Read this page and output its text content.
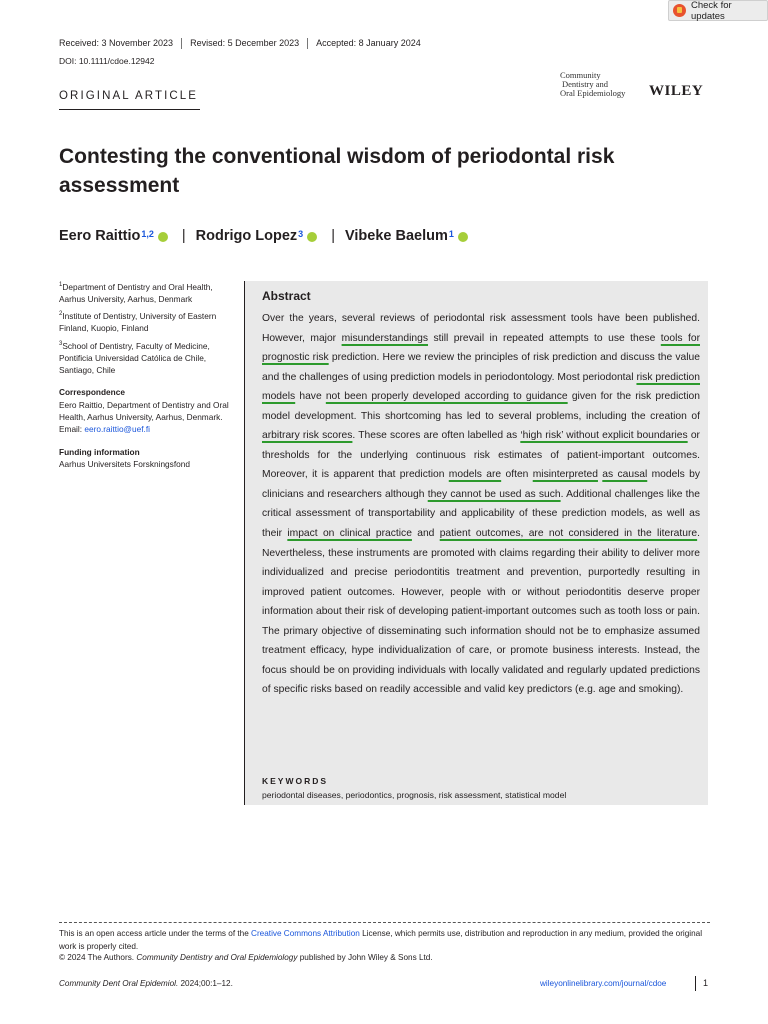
Check for updates
Received: 3 November 2023	Revised: 5 December 2023	Accepted: 8 January 2024
DOI: 10.1111/cdoe.12942
Community
Dentistry and
Oral Epidemiology WILEY
ORIGINAL ARTICLE
Contesting the conventional wisdom of periodontal risk assessment
Eero Raittio$^{1,2}$ | Rodrigo Lopez$^3$ | Vibeke Baelum$^1$
$^1$Department of Dentistry and Oral Health, Aarhus University, Aarhus, Denmark
$^2$Institute of Dentistry, University of Eastern Finland, Kuopio, Finland
$^3$School of Dentistry, Faculty of Medicine, Pontificia Universidad Católica de Chile, Santiago, Chile
Correspondence
Eero Raittio, Department of Dentistry and Oral Health, Aarhus University, Aarhus, Denmark.
Email: eero.raittio@uef.fi
Funding information
Aarhus Universitets Forskningsfond
Abstract
Over the years, several reviews of periodontal risk assessment tools have been published. However, major misunderstandings still prevail in repeated attempts to use these tools for prognostic risk prediction. Here we review the principles of risk prediction and discuss the value and the challenges of using prediction models in periodontology. Most periodontal risk prediction models have not been properly developed according to guidance given for the risk prediction model development. This shortcoming has led to several problems, including the creation of arbitrary risk scores. These scores are often labelled as ‘high risk’ without explicit boundaries or thresholds for the underlying continuous risk estimates of patient-important outcomes. Moreover, it is apparent that prediction models are often misinterpreted as causal models by clinicians and researchers although they cannot be used as such. Additional challenges like the critical assessment of transportability and applicability of these prediction models, as well as their impact on clinical practice and patient outcomes, are not considered in the literature. Nevertheless, these instruments are promoted with claims regarding their ability to deliver more individualized and precise periodontitis treatment and prevention, purportedly resulting in improved patient outcomes. However, people with or without periodontitis deserve proper information about their risk of developing patient-important outcomes such as tooth loss or pain. The primary objective of disseminating such information should not be to emphasize assumed treatment efficacy, hype individualization of care, or promote business interests. Instead, the focus should be on providing individuals with locally validated and regularly updated predictions of specific risks based on readily accessible and valid key predictors (e.g. age and smoking).
KEYWORDS
periodontal diseases, periodontics, prognosis, risk assessment, statistical model
This is an open access article under the terms of the Creative Commons Attribution License, which permits use, distribution and reproduction in any medium, provided the original work is properly cited.
© 2024 The Authors. Community Dentistry and Oral Epidemiology published by John Wiley & Sons Ltd.
Community Dent Oral Epidemiol. 2024;00:1–12.	wileyonlinelibrary.com/journal/cdoe	1
